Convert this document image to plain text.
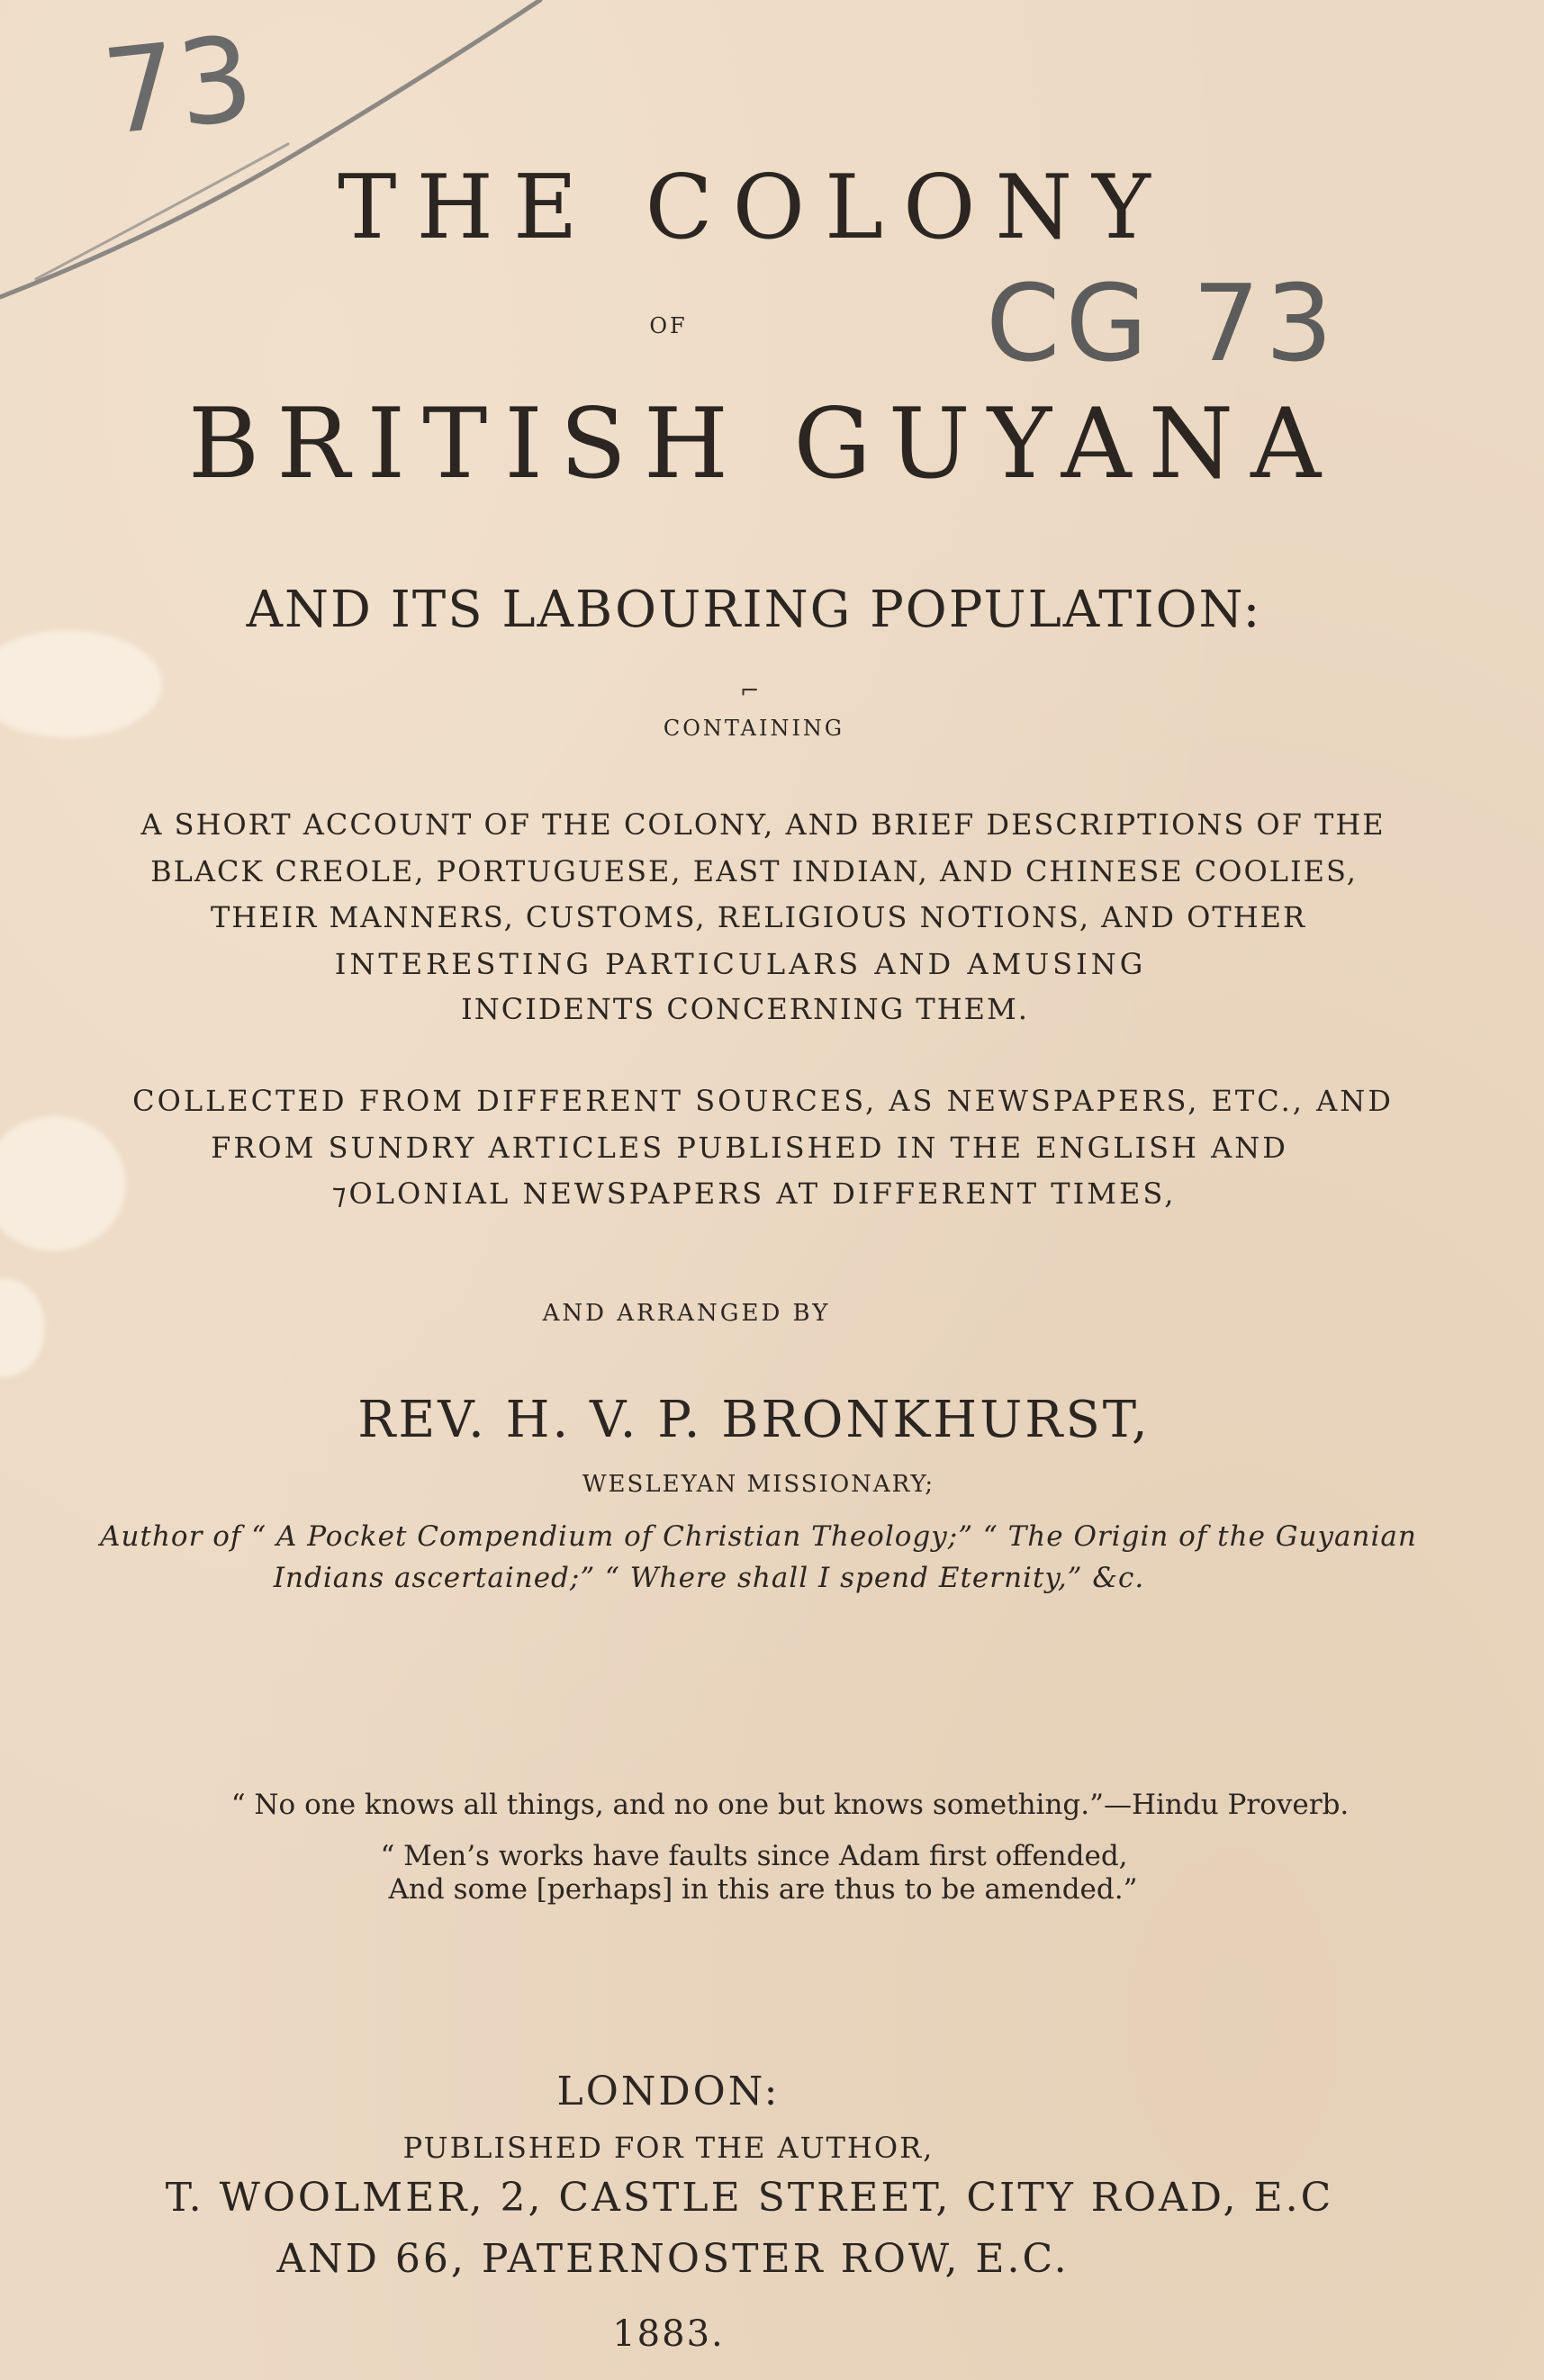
73
CG 73
THE COLONY
OF
BRITISH GUYANA
AND ITS LABOURING POPULATION:
⌐
CONTAINING
A SHORT ACCOUNT OF THE COLONY, AND BRIEF DESCRIPTIONS OF THE
BLACK CREOLE, PORTUGUESE, EAST INDIAN, AND CHINESE COOLIES,
THEIR MANNERS, CUSTOMS, RELIGIOUS NOTIONS, AND OTHER
INTERESTING PARTICULARS AND AMUSING
INCIDENTS CONCERNING THEM.
COLLECTED FROM DIFFERENT SOURCES, AS NEWSPAPERS, ETC., AND
FROM SUNDRY ARTICLES PUBLISHED IN THE ENGLISH AND
⁊OLONIAL NEWSPAPERS AT DIFFERENT TIMES,
AND ARRANGED BY
REV. H. V. P. BRONKHURST,
WESLEYAN MISSIONARY;
Author of “ A Pocket Compendium of Christian Theology;” “ The Origin of the Guyanian
Indians ascertained;” “ Where shall I spend Eternity,” &c.
“ No one knows all things, and no one but knows something.”—Hindu Proverb.
“ Men’s works have faults since Adam first offended,
And some [perhaps] in this are thus to be amended.”
LONDON:
PUBLISHED FOR THE AUTHOR,
T. WOOLMER, 2, CASTLE STREET, CITY ROAD, E.C
AND 66, PATERNOSTER ROW, E.C.
1883.
